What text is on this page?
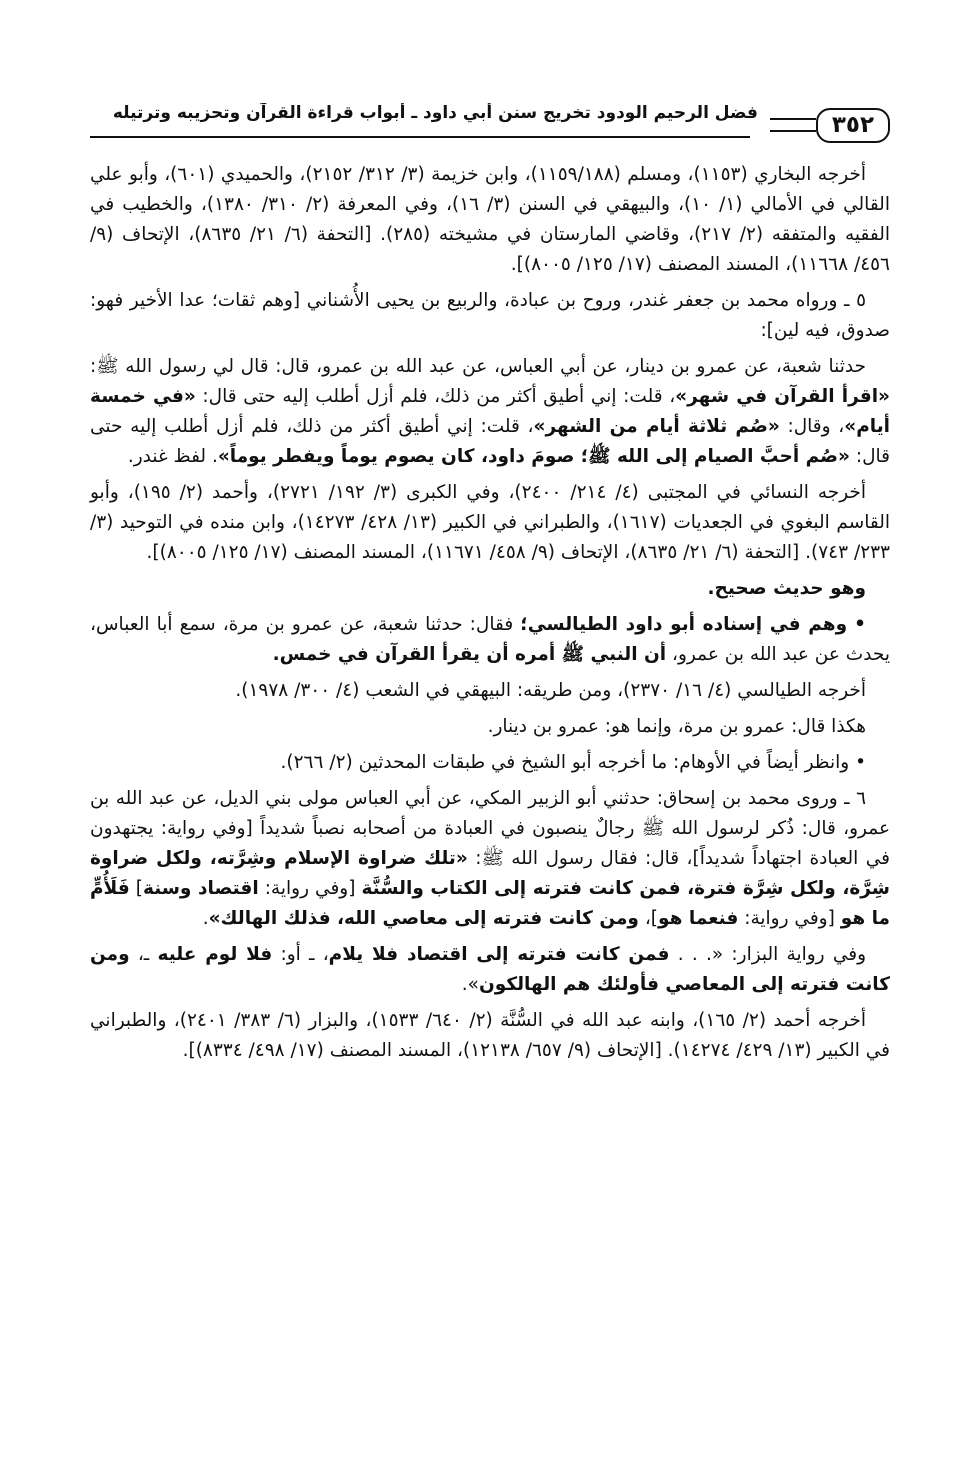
٣٥٢
فضل الرحيم الودود تخريج سنن أبي داود ـ أبواب قراءة القرآن وتحزيبه وترتيله

أخرجه البخاري (١١٥٣)، ومسلم (١١٥٩/١٨٨)، وابن خزيمة (٣/ ٣١٢/ ٢١٥٢)، والحميدي (٦٠١)، وأبو علي القالي في الأمالي (١/ ١٠)، والبيهقي في السنن (٣/ ١٦)، وفي المعرفة (٢/ ٣١٠/ ١٣٨٠)، والخطيب في الفقيه والمتفقه (٢/ ٢١٧)، وقاضي المارستان في مشيخته (٢٨٥). [التحفة (٦/ ٢١/ ٨٦٣٥)، الإتحاف (٩/ ٤٥٦/ ١١٦٦٨)، المسند المصنف (١٧/ ١٢٥/ ٨٠٠٥)].

٥ ـ ورواه محمد بن جعفر غندر، وروح بن عبادة، والربيع بن يحيى الأُشناني [وهم ثقات؛ عدا الأخير فهو: صدوق، فيه لين]:

حدثنا شعبة، عن عمرو بن دينار، عن أبي العباس، عن عبد الله بن عمرو، قال: قال لي رسول الله ﷺ: «اقرأ القرآن في شهر»، قلت: إني أطيق أكثر من ذلك، فلم أزل أطلب إليه حتى قال: «في خمسة أيام»، وقال: «صُم ثلاثة أيام من الشهر»، قلت: إني أطيق أكثر من ذلك، فلم أزل أطلب إليه حتى قال: «صُم أحبَّ الصيام إلى الله ﷺ؛ صومَ داود، كان يصوم يوماً ويفطر يوماً». لفظ غندر.

أخرجه النسائي في المجتبى (٤/ ٢١٤/ ٢٤٠٠)، وفي الكبرى (٣/ ١٩٢/ ٢٧٢١)، وأحمد (٢/ ١٩٥)، وأبو القاسم البغوي في الجعديات (١٦١٧)، والطبراني في الكبير (١٣/ ٤٢٨/ ١٤٢٧٣)، وابن منده في التوحيد (٣/ ٢٣٣/ ٧٤٣). [التحفة (٦/ ٢١/ ٨٦٣٥)، الإتحاف (٩/ ٤٥٨/ ١١٦٧١)، المسند المصنف (١٧/ ١٢٥/ ٨٠٠٥)].

وهو حديث صحيح.

• وهم في إسناده أبو داود الطيالسي؛ فقال: حدثنا شعبة، عن عمرو بن مرة، سمع أبا العباس، يحدث عن عبد الله بن عمرو، أن النبي ﷺ أمره أن يقرأ القرآن في خمس.

أخرجه الطيالسي (٤/ ١٦/ ٢٣٧٠)، ومن طريقه: البيهقي في الشعب (٤/ ٣٠٠/ ١٩٧٨).

هكذا قال: عمرو بن مرة، وإنما هو: عمرو بن دينار.

• وانظر أيضاً في الأوهام: ما أخرجه أبو الشيخ في طبقات المحدثين (٢/ ٢٦٦).

٦ ـ وروى محمد بن إسحاق: حدثني أبو الزبير المكي، عن أبي العباس مولى بني الديل، عن عبد الله بن عمرو، قال: ذُكر لرسول الله ﷺ رجالٌ ينصبون في العبادة من أصحابه نصباً شديداً [وفي رواية: يجتهدون في العبادة اجتهاداً شديداً]، قال: فقال رسول الله ﷺ: «تلك ضراوة الإسلام وشِرَّته، ولكل ضراوة شِرَّة، ولكل شِرَّة فترة، فمن كانت فترته إلى الكتاب والسُّنَّة [وفي رواية: اقتصاد وسنة] فَلَأُمٍّ ما هو [وفي رواية: فنعما هو]، ومن كانت فترته إلى معاصي الله، فذلك الهالك».

وفي رواية البزار: «. . . فمن كانت فترته إلى اقتصاد فلا يلام، ـ أو: فلا لوم عليه ـ، ومن كانت فترته إلى المعاصي فأولئك هم الهالكون».

أخرجه أحمد (٢/ ١٦٥)، وابنه عبد الله في السُّنَّة (٢/ ٦٤٠/ ١٥٣٣)، والبزار (٦/ ٣٨٣/ ٢٤٠١)، والطبراني في الكبير (١٣/ ٤٢٩/ ١٤٢٧٤). [الإتحاف (٩/ ٦٥٧/ ١٢١٣٨)، المسند المصنف (١٧/ ٤٩٨/ ٨٣٣٤)].
